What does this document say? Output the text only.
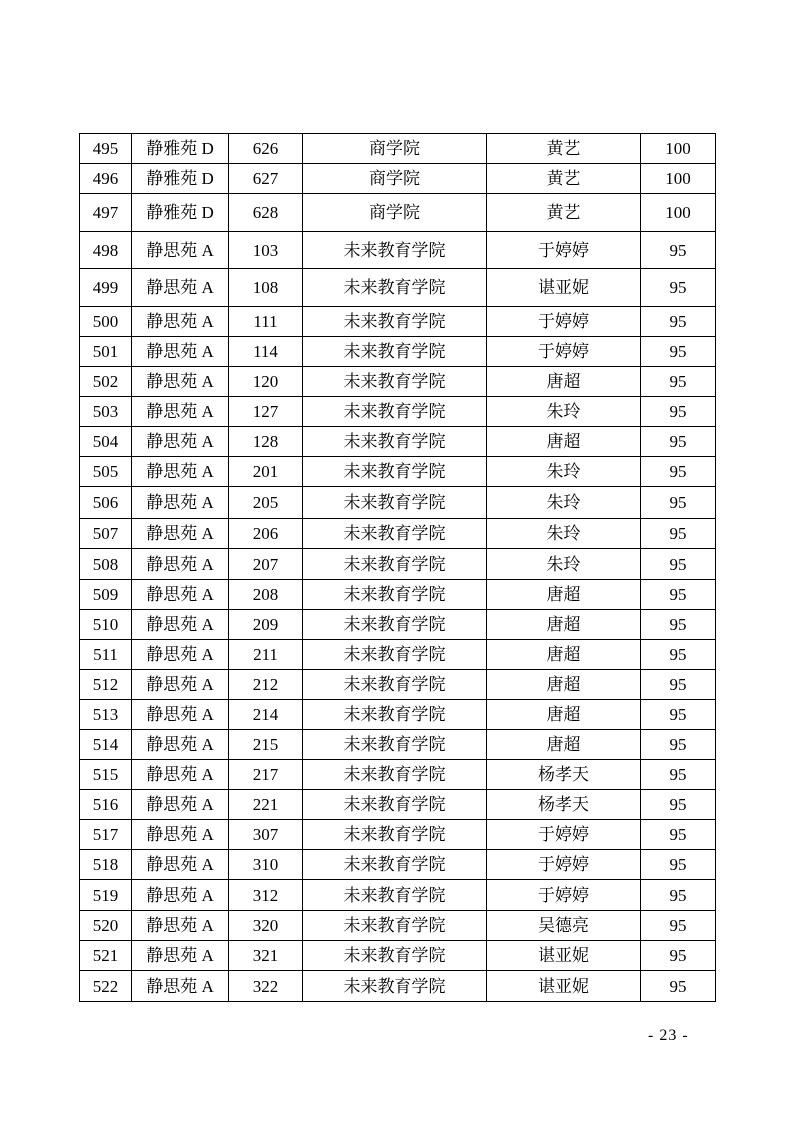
495	静雅苑 D	626	商学院	黄艺	100
496	静雅苑 D	627	商学院	黄艺	100
497	静雅苑 D	628	商学院	黄艺	100
498	静思苑 A	103	未来教育学院	于婷婷	95
499	静思苑 A	108	未来教育学院	谌亚妮	95
500	静思苑 A	111	未来教育学院	于婷婷	95
501	静思苑 A	114	未来教育学院	于婷婷	95
502	静思苑 A	120	未来教育学院	唐超	95
503	静思苑 A	127	未来教育学院	朱玲	95
504	静思苑 A	128	未来教育学院	唐超	95
505	静思苑 A	201	未来教育学院	朱玲	95
506	静思苑 A	205	未来教育学院	朱玲	95
507	静思苑 A	206	未来教育学院	朱玲	95
508	静思苑 A	207	未来教育学院	朱玲	95
509	静思苑 A	208	未来教育学院	唐超	95
510	静思苑 A	209	未来教育学院	唐超	95
511	静思苑 A	211	未来教育学院	唐超	95
512	静思苑 A	212	未来教育学院	唐超	95
513	静思苑 A	214	未来教育学院	唐超	95
514	静思苑 A	215	未来教育学院	唐超	95
515	静思苑 A	217	未来教育学院	杨孝天	95
516	静思苑 A	221	未来教育学院	杨孝天	95
517	静思苑 A	307	未来教育学院	于婷婷	95
518	静思苑 A	310	未来教育学院	于婷婷	95
519	静思苑 A	312	未来教育学院	于婷婷	95
520	静思苑 A	320	未来教育学院	吴德亮	95
521	静思苑 A	321	未来教育学院	谌亚妮	95
522	静思苑 A	322	未来教育学院	谌亚妮	95
- 23 -
